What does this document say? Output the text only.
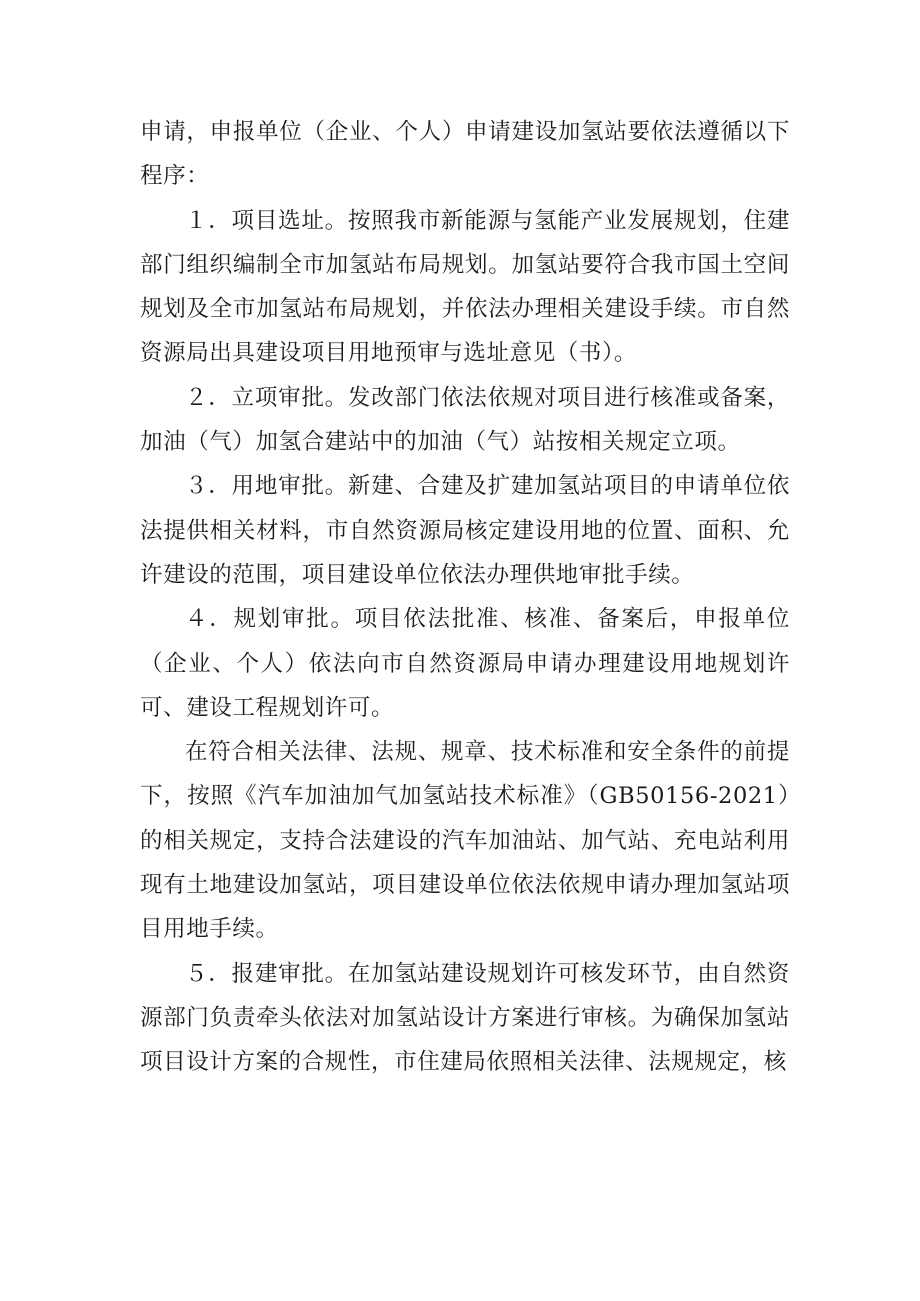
申请，申报单位（企业、个人）申请建设加氢站要依法遵循以下程序：

１．项目选址。按照我市新能源与氢能产业发展规划，住建部门组织编制全市加氢站布局规划。加氢站要符合我市国土空间规划及全市加氢站布局规划，并依法办理相关建设手续。市自然资源局出具建设项目用地预审与选址意见（书）。

２．立项审批。发改部门依法依规对项目进行核准或备案，加油（气）加氢合建站中的加油（气）站按相关规定立项。

３．用地审批。新建、合建及扩建加氢站项目的申请单位依法提供相关材料，市自然资源局核定建设用地的位置、面积、允许建设的范围，项目建设单位依法办理供地审批手续。

４．规划审批。项目依法批准、核准、备案后，申报单位（企业、个人）依法向市自然资源局申请办理建设用地规划许可、建设工程规划许可。

在符合相关法律、法规、规章、技术标准和安全条件的前提下，按照《汽车加油加气加氢站技术标准》（GB50156-2021）的相关规定，支持合法建设的汽车加油站、加气站、充电站利用现有土地建设加氢站，项目建设单位依法依规申请办理加氢站项目用地手续。

５．报建审批。在加氢站建设规划许可核发环节，由自然资源部门负责牵头依法对加氢站设计方案进行审核。为确保加氢站项目设计方案的合规性，市住建局依照相关法律、法规规定，核
